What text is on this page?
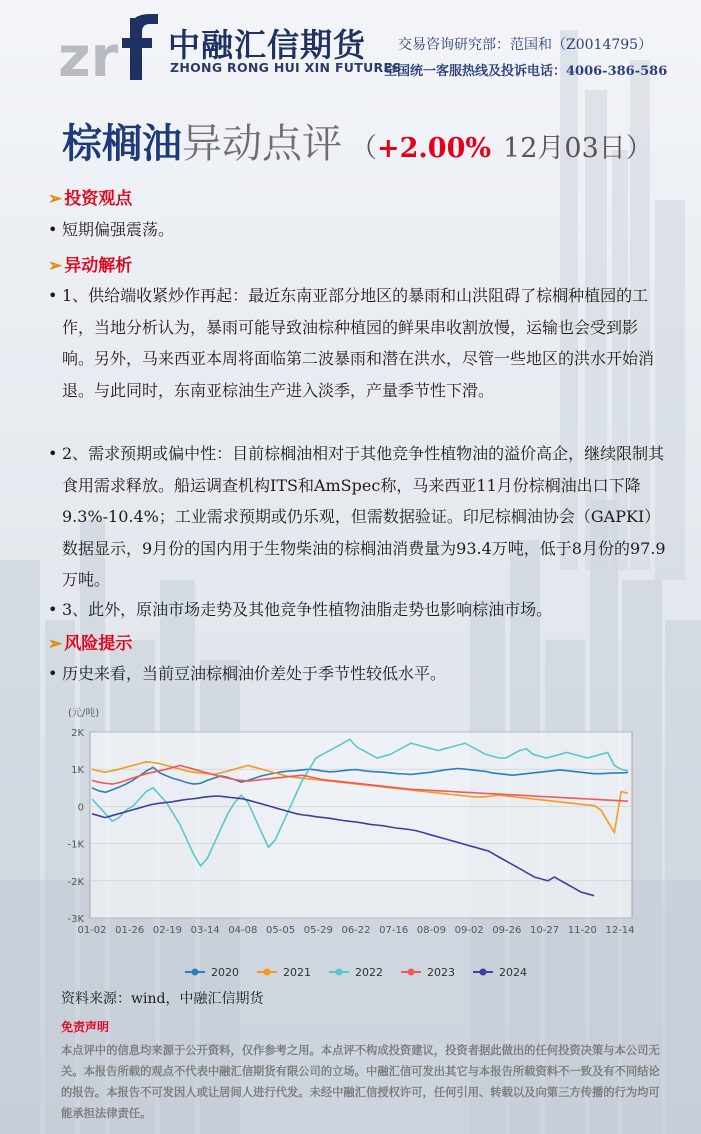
zr 中融汇信期货
ZHONG RONG HUI XIN FUTURES
交易咨询研究部：范国和（Z0014795）
全国统一客服热线及投诉电话：4006-386-586
棕榈油异动点评 （+2.00% 12月03日）
➢ 投资观点
• 短期偏强震荡。
➢ 异动解析
• 1、供给端收紧炒作再起：最近东南亚部分地区的暴雨和山洪阻碍了棕榈种植园的工作，当地分析认为，暴雨可能导致油棕种植园的鲜果串收割放慢，运输也会受到影响。另外，马来西亚本周将面临第二波暴雨和潜在洪水，尽管一些地区的洪水开始消退。与此同时，东南亚棕油生产进入淡季，产量季节性下滑。
• 2、需求预期或偏中性：目前棕榈油相对于其他竞争性植物油的溢价高企，继续限制其食用需求释放。船运调查机构ITS和AmSpec称，马来西亚11月份棕榈油出口下降9.3%-10.4%；工业需求预期或仍乐观，但需数据验证。印尼棕榈油协会（GAPKI）数据显示，9月份的国内用于生物柴油的棕榈油消费量为93.4万吨，低于8月份的97.9万吨。
• 3、此外，原油市场走势及其他竞争性植物油脂走势也影响棕油市场。
➢ 风险提示
• 历史来看，当前豆油棕榈油价差处于季节性较低水平。
(元/吨)
2K
1K
0
-1K
-2K
-3K
01-02 01-26 02-19 03-14 04-08 05-05 05-29 06-22 07-16 08-09 09-02 09-26 10-27 11-20 12-14
2020	2021	2022	2023	2024
资料来源：wind，中融汇信期货
免责声明
本点评中的信息均来源于公开资料，仅作参考之用。本点评不构成投资建议，投资者据此做出的任何投资决策与本公司无关。本报告所载的观点不代表中融汇信期货有限公司的立场。中融汇信可发出其它与本报告所载资料不一致及有不同结论的报告。本报告不可发因人或让居间人进行代发。未经中融汇信授权许可，任何引用、转载以及向第三方传播的行为均可能承担法律责任。
